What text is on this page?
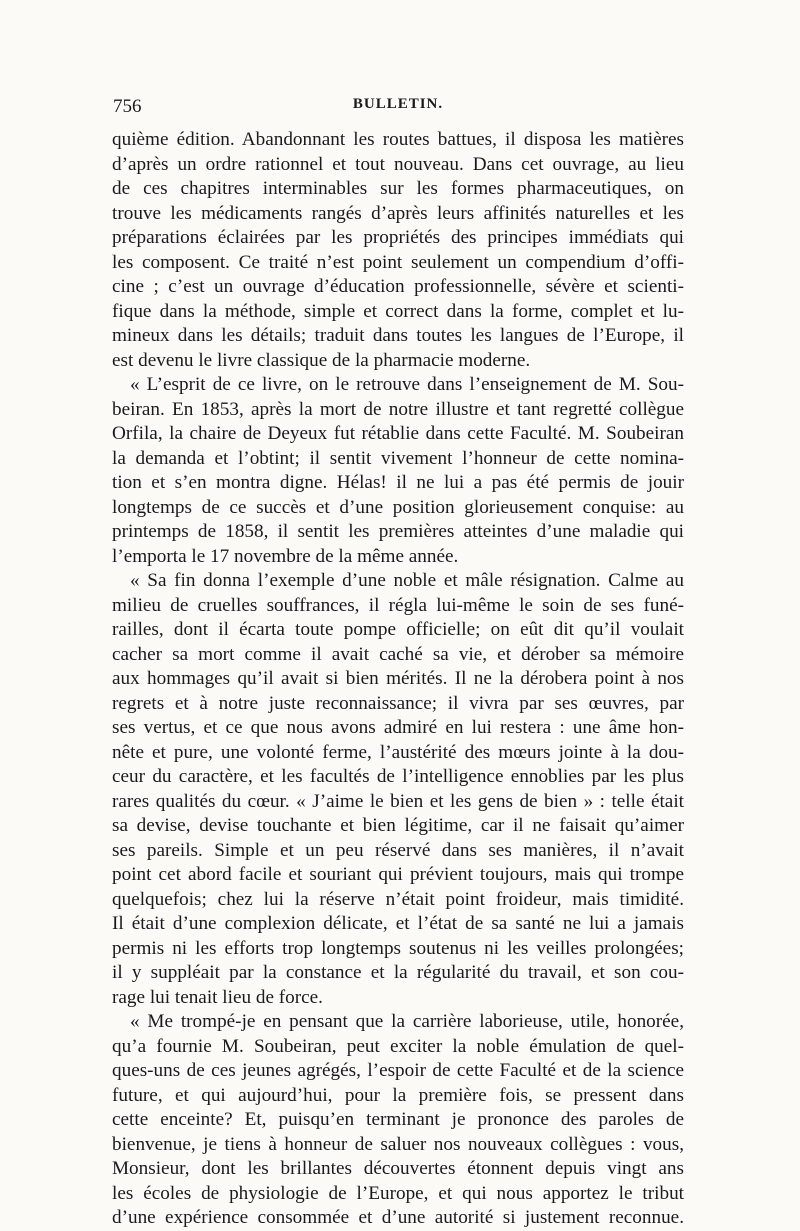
756	BULLETIN.
quième édition. Abandonnant les routes battues, il disposa les matières
d’après un ordre rationnel et tout nouveau. Dans cet ouvrage, au lieu
de ces chapitres interminables sur les formes pharmaceutiques, on
trouve les médicaments rangés d’après leurs affinités naturelles et les
préparations éclairées par les propriétés des principes immédiats qui
les composent. Ce traité n’est point seulement un compendium d’offi-
cine ; c’est un ouvrage d’éducation professionnelle, sévère et scienti-
fique dans la méthode, simple et correct dans la forme, complet et lu-
mineux dans les détails; traduit dans toutes les langues de l’Europe, il
est devenu le livre classique de la pharmacie moderne.
« L’esprit de ce livre, on le retrouve dans l’enseignement de M. Sou-
beiran. En 1853, après la mort de notre illustre et tant regretté collègue
Orfila, la chaire de Deyeux fut rétablie dans cette Faculté. M. Soubeiran
la demanda et l’obtint; il sentit vivement l’honneur de cette nomina-
tion et s’en montra digne. Hélas! il ne lui a pas été permis de jouir
longtemps de ce succès et d’une position glorieusement conquise: au
printemps de 1858, il sentit les premières atteintes d’une maladie qui
l’emporta le 17 novembre de la même année.
« Sa fin donna l’exemple d’une noble et mâle résignation. Calme au
milieu de cruelles souffrances, il régla lui-même le soin de ses funé-
railles, dont il écarta toute pompe officielle; on eût dit qu’il voulait
cacher sa mort comme il avait caché sa vie, et dérober sa mémoire
aux hommages qu’il avait si bien mérités. Il ne la dérobera point à nos
regrets et à notre juste reconnaissance; il vivra par ses œuvres, par
ses vertus, et ce que nous avons admiré en lui restera : une âme hon-
nête et pure, une volonté ferme, l’austérité des mœurs jointe à la dou-
ceur du caractère, et les facultés de l’intelligence ennoblies par les plus
rares qualités du cœur. « J’aime le bien et les gens de bien » : telle était
sa devise, devise touchante et bien légitime, car il ne faisait qu’aimer
ses pareils. Simple et un peu réservé dans ses manières, il n’avait
point cet abord facile et souriant qui prévient toujours, mais qui trompe
quelquefois; chez lui la réserve n’était point froideur, mais timidité.
Il était d’une complexion délicate, et l’état de sa santé ne lui a jamais
permis ni les efforts trop longtemps soutenus ni les veilles prolongées;
il y suppléait par la constance et la régularité du travail, et son cou-
rage lui tenait lieu de force.
« Me trompé-je en pensant que la carrière laborieuse, utile, honorée,
qu’a fournie M. Soubeiran, peut exciter la noble émulation de quel-
ques-uns de ces jeunes agrégés, l’espoir de cette Faculté et de la science
future, et qui aujourd’hui, pour la première fois, se pressent dans
cette enceinte? Et, puisqu’en terminant je prononce des paroles de
bienvenue, je tiens à honneur de saluer nos nouveaux collègues : vous,
Monsieur, dont les brillantes découvertes étonnent depuis vingt ans
les écoles de physiologie de l’Europe, et qui nous apportez le tribut
d’une expérience consommée et d’une autorité si justement reconnue.
